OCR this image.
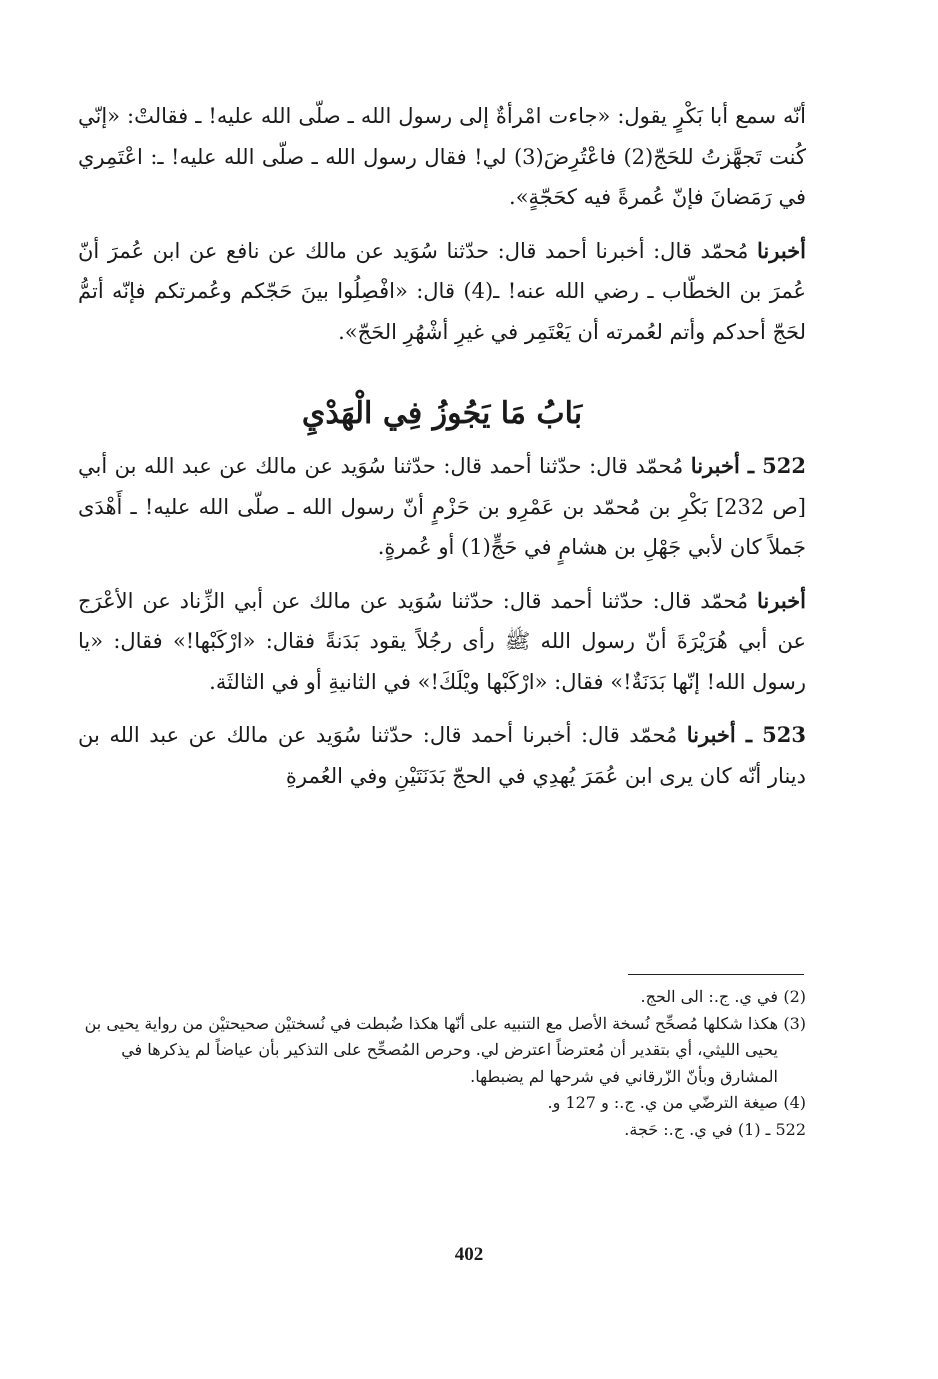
أنّه سمع أبا بَكْرٍ يقول: «جاءت امْرأةٌ إلى رسول الله ـ صلّى الله عليه! ـ فقالتْ: «إنّي كُنت تَجهَّزتُ للحَجّ(2) فاعْتُرِضَ(3) لي! فقال رسول الله ـ صلّى الله عليه! ـ: اعْتَمِري في رَمَضانَ فإنّ عُمرةً فيه كحَجّةٍ».

أخبرنا مُحمّد قال: أخبرنا أحمد قال: حدّثنا سُوَيد عن مالك عن نافع عن ابن عُمرَ أنّ عُمرَ بن الخطّاب ـ رضي الله عنه! ـ(4) قال: «افْصِلُوا بينَ حَجّكم وعُمرتكم فإنّه أتمُّ لحَجّ أحدكم وأتم لعُمرته أن يَعْتَمِر في غيرِ أشْهُرِ الحَجّ».

بَابُ مَا يَجُوزُ فِي الْهَدْيِ

522 ـ أخبرنا مُحمّد قال: حدّثنا أحمد قال: حدّثنا سُوَيد عن مالك عن عبد الله بن أبي [ص 232] بَكْرِ بن مُحمّد بن عَمْرِو بن حَزْمٍ أنّ رسول الله ـ صلّى الله عليه! ـ أَهْدَى جَملاً كان لأبي جَهْلِ بن هشامٍ في حَجٍّ(1) أو عُمرةٍ.

أخبرنا مُحمّد قال: حدّثنا أحمد قال: حدّثنا سُوَيد عن مالك عن أبي الزِّناد عن الأعْرَج عن أبي هُرَيْرَةَ أنّ رسول الله ﷺ رأى رجُلاً يقود بَدَنةً فقال: «ارْكَبْها!» فقال: «يا رسول الله! إنّها بَدَنَةٌ!» فقال: «ارْكَبْها ويْلَكَ!» في الثانيةِ أو في الثالثَة.

523 ـ أخبرنا مُحمّد قال: أخبرنا أحمد قال: حدّثنا سُوَيد عن مالك عن عبد الله بن دينار أنّه كان يرى ابن عُمَرَ يُهدِي في الحجّ بَدَنَتَيْنِ وفي العُمرةِ

(2)في ي. ج.: الى الحج.

(3)هكذا شكلها مُصحِّح نُسخة الأصل مع التنبيه على أنّها هكذا ضُبطت في نُسختيْن صحيحتيْن من رواية يحيى بن يحيى الليثي، أي بتقدير أن مُعترضاً اعترض لي. وحرص المُصحِّح على التذكير بأن عياضاً لم يذكرها في المشارق وبأنّ الزّرقاني في شرحها لم يضبطها.

(4)صيغة الترضّي من ي. ج.: و 127 و.

522 ـ (1) في ي. ج.: حَجة.

402
